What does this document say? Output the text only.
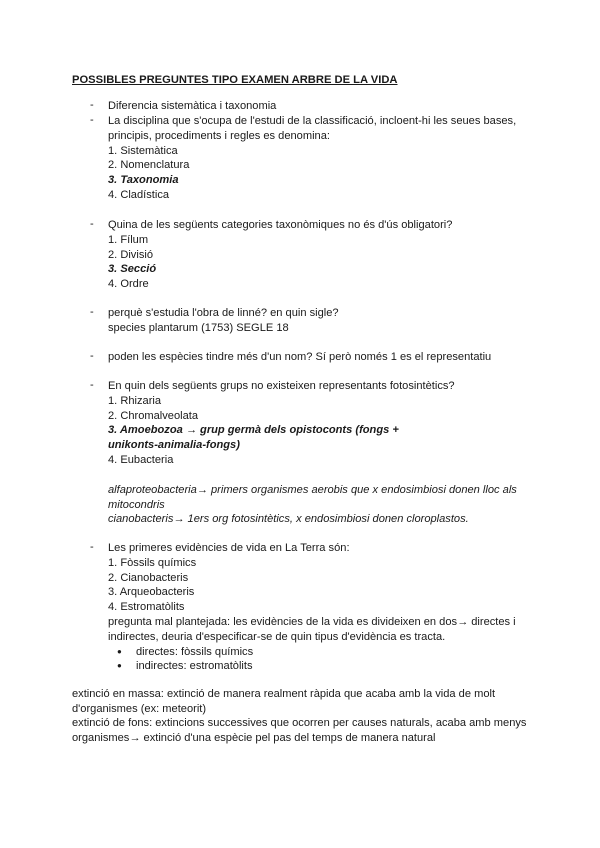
POSSIBLES PREGUNTES TIPO EXAMEN ARBRE DE LA VIDA
- Diferencia sistemàtica i taxonomia
- La disciplina que s'ocupa de l'estudi de la classificació, incloent-hi les seues bases,
principis, procediments i regles es denomina:
1. Sistemàtica
2. Nomenclatura
3. Taxonomia
4. Cladística
- Quina de les següents categories taxonòmiques no és d'ús obligatori?
1. Fílum
2. Divisió
3. Secció
4. Ordre
- perquè s'estudia l'obra de linné? en quin sigle?
species plantarum (1753) SEGLE 18
- poden les espècies tindre més d'un nom? Sí però només 1 es el representatiu
- En quin dels següents grups no existeixen representants fotosintètics?
1. Rhizaria
2. Chromalveolata
3. Amoebozoa → grup germà dels opistoconts (fongs +
unikonts-animalia-fongs)
4. Eubacteria
alfaproteobacteria→ primers organismes aerobis que x endosimbiosi donen lloc als
mitocondris
cianobacteris→ 1ers org fotosintètics, x endosimbiosi donen cloroplastos.
- Les primeres evidències de vida en La Terra són:
1. Fòssils químics
2. Cianobacteris
3. Arqueobacteris
4. Estromatòlits
pregunta mal plantejada: les evidències de la vida es divideixen en dos→ directes i
indirectes, deuria d'especificar-se de quin tipus d'evidència es tracta.
● directes: fòssils químics
● indirectes: estromatòlits
extinció en massa: extinció de manera realment ràpida que acaba amb la vida de molt
d'organismes (ex: meteorit)
extinció de fons: extincions successives que ocorren per causes naturals, acaba amb menys
organismes→ extinció d'una espècie pel pas del temps de manera natural
